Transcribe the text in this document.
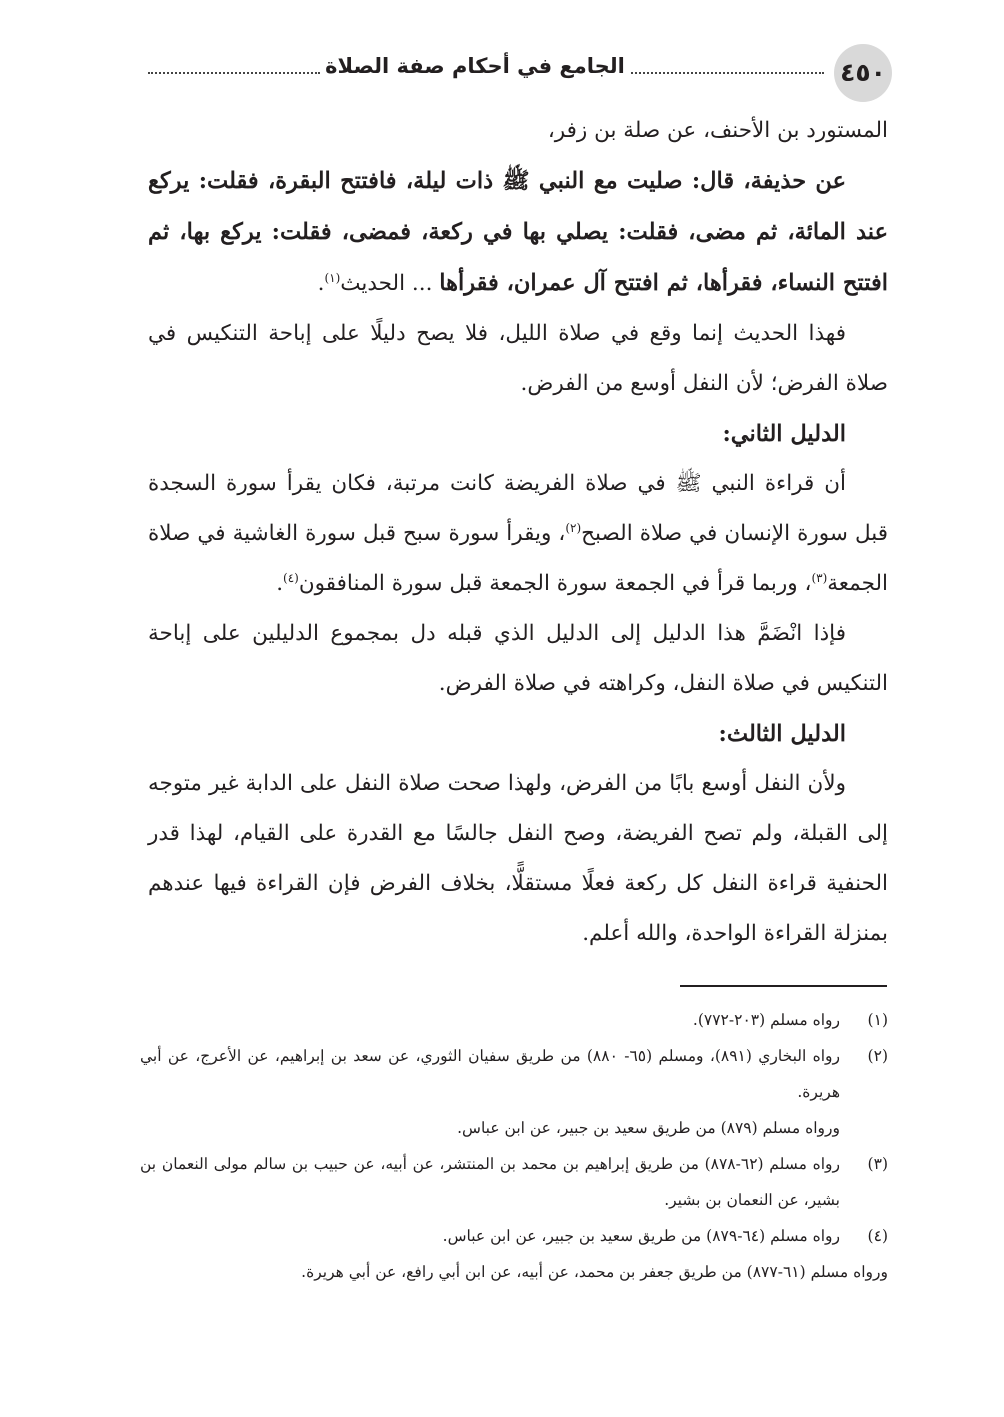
٤٥٠
الجامع في أحكام صفة الصلاة

المستورد بن الأحنف، عن صلة بن زفر،

عن حذيفة، قال: صليت مع النبي ﷺ ذات ليلة، فافتتح البقرة، فقلت: يركع عند المائة، ثم مضى، فقلت: يصلي بها في ركعة، فمضى، فقلت: يركع بها، ثم افتتح النساء، فقرأها، ثم افتتح آل عمران، فقرأها ... الحديث$^{(١)}$.

فهذا الحديث إنما وقع في صلاة الليل، فلا يصح دليلًا على إباحة التنكيس في صلاة الفرض؛ لأن النفل أوسع من الفرض.

الدليل الثاني:

أن قراءة النبي ﷺ في صلاة الفريضة كانت مرتبة، فكان يقرأ سورة السجدة قبل سورة الإنسان في صلاة الصبح$^{(٢)}$، ويقرأ سورة سبح قبل سورة الغاشية في صلاة الجمعة$^{(٣)}$، وربما قرأ في الجمعة سورة الجمعة قبل سورة المنافقون$^{(٤)}$.

فإذا انْضَمَّ هذا الدليل إلى الدليل الذي قبله دل بمجموع الدليلين على إباحة التنكيس في صلاة النفل، وكراهته في صلاة الفرض.

الدليل الثالث:

ولأن النفل أوسع بابًا من الفرض، ولهذا صحت صلاة النفل على الدابة غير متوجه إلى القبلة، ولم تصح الفريضة، وصح النفل جالسًا مع القدرة على القيام، لهذا قدر الحنفية قراءة النفل كل ركعة فعلًا مستقلًّا، بخلاف الفرض فإن القراءة فيها عندهم بمنزلة القراءة الواحدة، والله أعلم.

(١)

رواه مسلم (٢٠٣-٧٧٢).

(٢)

رواه البخاري (٨٩١)، ومسلم (٦٥- ٨٨٠) من طريق سفيان الثوري، عن سعد بن إبراهيم، عن الأعرج، عن أبي هريرة.

ورواه مسلم (٨٧٩) من طريق سعيد بن جبير، عن ابن عباس.

(٣)

رواه مسلم (٦٢-٨٧٨) من طريق إبراهيم بن محمد بن المنتشر، عن أبيه، عن حبيب بن سالم مولى النعمان بن بشير، عن النعمان بن بشير.

(٤)

رواه مسلم (٦٤-٨٧٩) من طريق سعيد بن جبير، عن ابن عباس.

ورواه مسلم (٦١-٨٧٧) من طريق جعفر بن محمد، عن أبيه، عن ابن أبي رافع، عن أبي هريرة.
